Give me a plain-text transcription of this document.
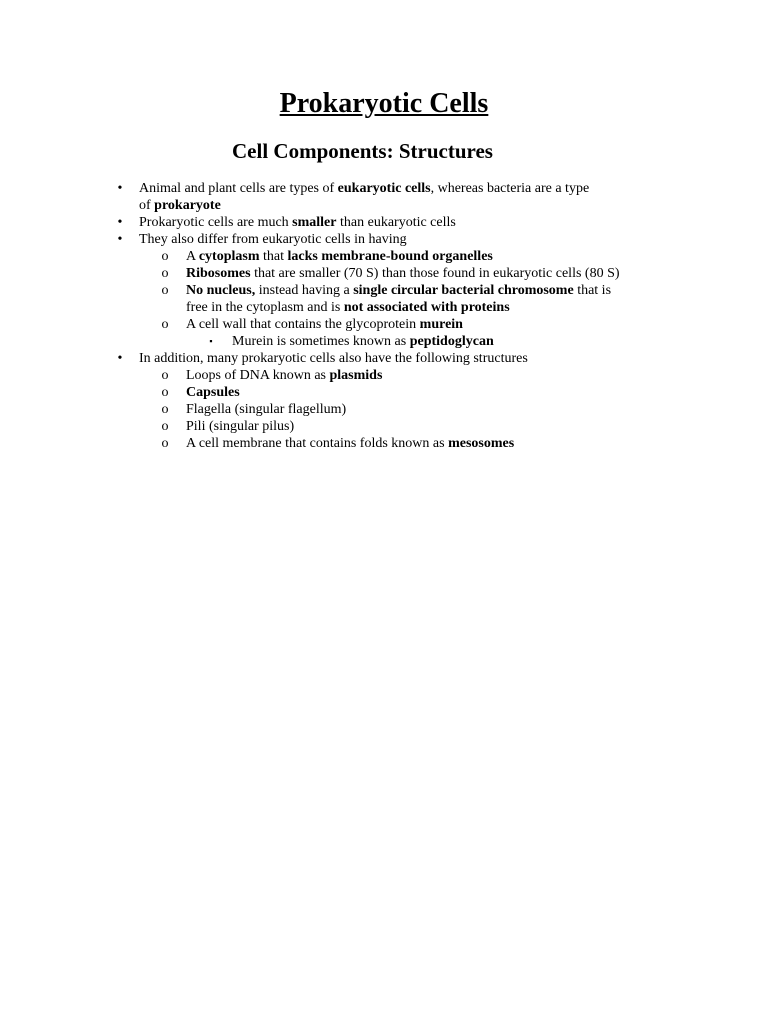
Prokaryotic Cells
Cell Components: Structures
•	Animal and plant cells are types of eukaryotic cells, whereas bacteria are a type
of prokaryote
•	Prokaryotic cells are much smaller than eukaryotic cells
•	They also differ from eukaryotic cells in having
o A cytoplasm that lacks membrane-bound organelles
o Ribosomes that are smaller (70 S) than those found in eukaryotic cells (80 S)
o No nucleus, instead having a single circular bacterial chromosome that is
free in the cytoplasm and is not associated with proteins
o A cell wall that contains the glycoprotein murein
▪	Murein is sometimes known as peptidoglycan
•	In addition, many prokaryotic cells also have the following structures
o Loops of DNA known as plasmids
o Capsules
o Flagella (singular flagellum)
o Pili (singular pilus)
o A cell membrane that contains folds known as mesosomes
